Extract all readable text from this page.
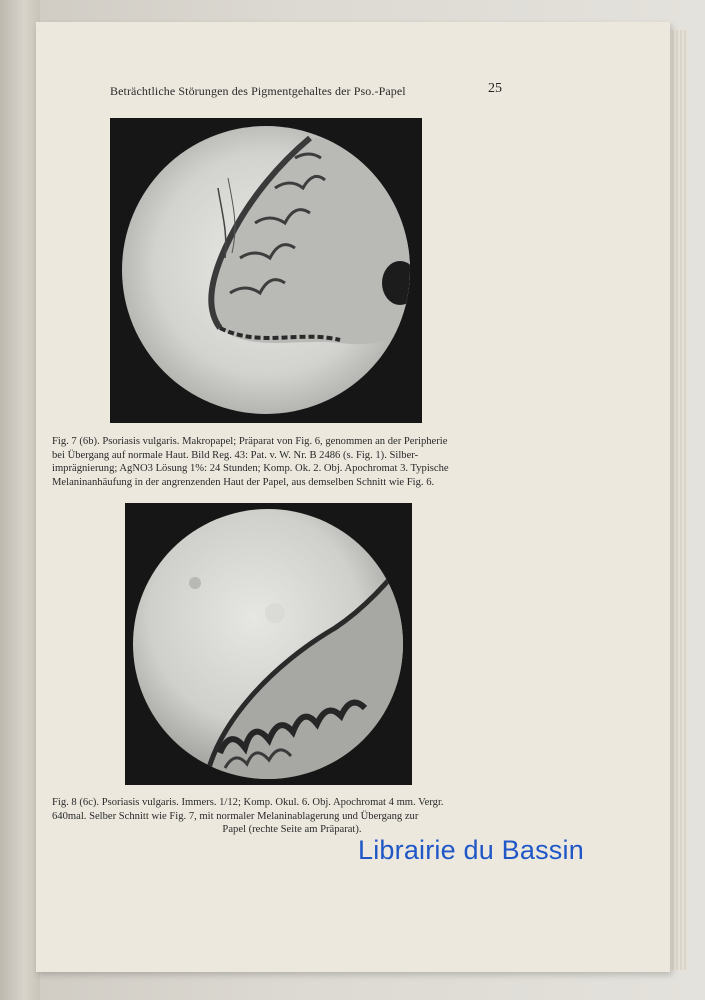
Beträchtliche Störungen des Pigmentgehaltes der Pso.-Papel	25
Fig. 7 (6b). Psoriasis vulgaris. Makropapel; Präparat von Fig. 6, genommen an der Peripherie
bei Übergang auf normale Haut. Bild Reg. 43: Pat. v. W. Nr. B 2486 (s. Fig. 1). Silber-
imprägnierung; AgNO3 Lösung 1%: 24 Stunden; Komp. Ok. 2. Obj. Apochromat 3. Typische
Melaninanhäufung in der angrenzenden Haut der Papel, aus demselben Schnitt wie Fig. 6.
Fig. 8 (6c). Psoriasis vulgaris. Immers. 1/12; Komp. Okul. 6. Obj. Apochromat 4 mm. Vergr.
640mal. Selber Schnitt wie Fig. 7, mit normaler Melaninablagerung und Übergang zur
Papel (rechte Seite am Präparat).
Librairie du Bassin
